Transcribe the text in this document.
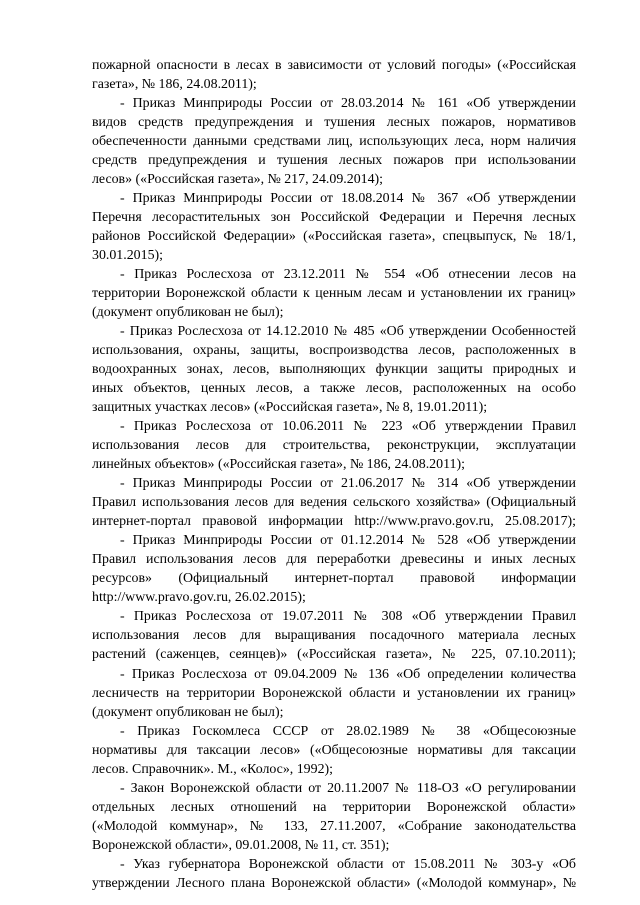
пожарной опасности в лесах в зависимости от условий погоды» («Российская
газета», № 186, 24.08.2011);
- Приказ Минприроды России от 28.03.2014 № 161 «Об утверждении
видов средств предупреждения и тушения лесных пожаров, нормативов
обеспеченности данными средствами лиц, использующих леса, норм наличия
средств предупреждения и тушения лесных пожаров при использовании
лесов» («Российская газета», № 217, 24.09.2014);
- Приказ Минприроды России от 18.08.2014 № 367 «Об утверждении
Перечня лесорастительных зон Российской Федерации и Перечня лесных
районов Российской Федерации» («Российская газета», спецвыпуск, № 18/1,
30.01.2015);
- Приказ Рослесхоза от 23.12.2011 № 554 «Об отнесении лесов на
территории Воронежской области к ценным лесам и установлении их границ»
(документ опубликован не был);
- Приказ Рослесхоза от 14.12.2010 № 485 «Об утверждении Особенностей
использования, охраны, защиты, воспроизводства лесов, расположенных в
водоохранных зонах, лесов, выполняющих функции защиты природных и
иных объектов, ценных лесов, а также лесов, расположенных на особо
защитных участках лесов» («Российская газета», № 8, 19.01.2011);
- Приказ Рослесхоза от 10.06.2011 № 223 «Об утверждении Правил
использования лесов для строительства, реконструкции, эксплуатации
линейных объектов» («Российская газета», № 186, 24.08.2011);
- Приказ Минприроды России от 21.06.2017 № 314 «Об утверждении
Правил использования лесов для ведения сельского хозяйства» (Официальный
интернет-портал правовой информации http://www.pravo.gov.ru, 25.08.2017);
- Приказ Минприроды России от 01.12.2014 № 528 «Об утверждении
Правил использования лесов для переработки древесины и иных лесных
ресурсов» (Официальный интернет-портал правовой информации
http://www.pravo.gov.ru, 26.02.2015);
- Приказ Рослесхоза от 19.07.2011 № 308 «Об утверждении Правил
использования лесов для выращивания посадочного материала лесных
растений (саженцев, сеянцев)» («Российская газета», № 225, 07.10.2011);
- Приказ Рослесхоза от 09.04.2009 № 136 «Об определении количества
лесничеств на территории Воронежской области и установлении их границ»
(документ опубликован не был);
- Приказ Госкомлеса СССР от 28.02.1989 № 38 «Общесоюзные
нормативы для таксации лесов» («Общесоюзные нормативы для таксации
лесов. Справочник». М., «Колос», 1992);
- Закон Воронежской области от 20.11.2007 № 118-ОЗ «О регулировании
отдельных лесных отношений на территории Воронежской области»
(«Молодой коммунар», № 133, 27.11.2007, «Собрание законодательства
Воронежской области», 09.01.2008, № 11, ст. 351);
- Указ губернатора Воронежской области от 15.08.2011 № 303-у «Об
утверждении Лесного плана Воронежской области» («Молодой коммунар», №
